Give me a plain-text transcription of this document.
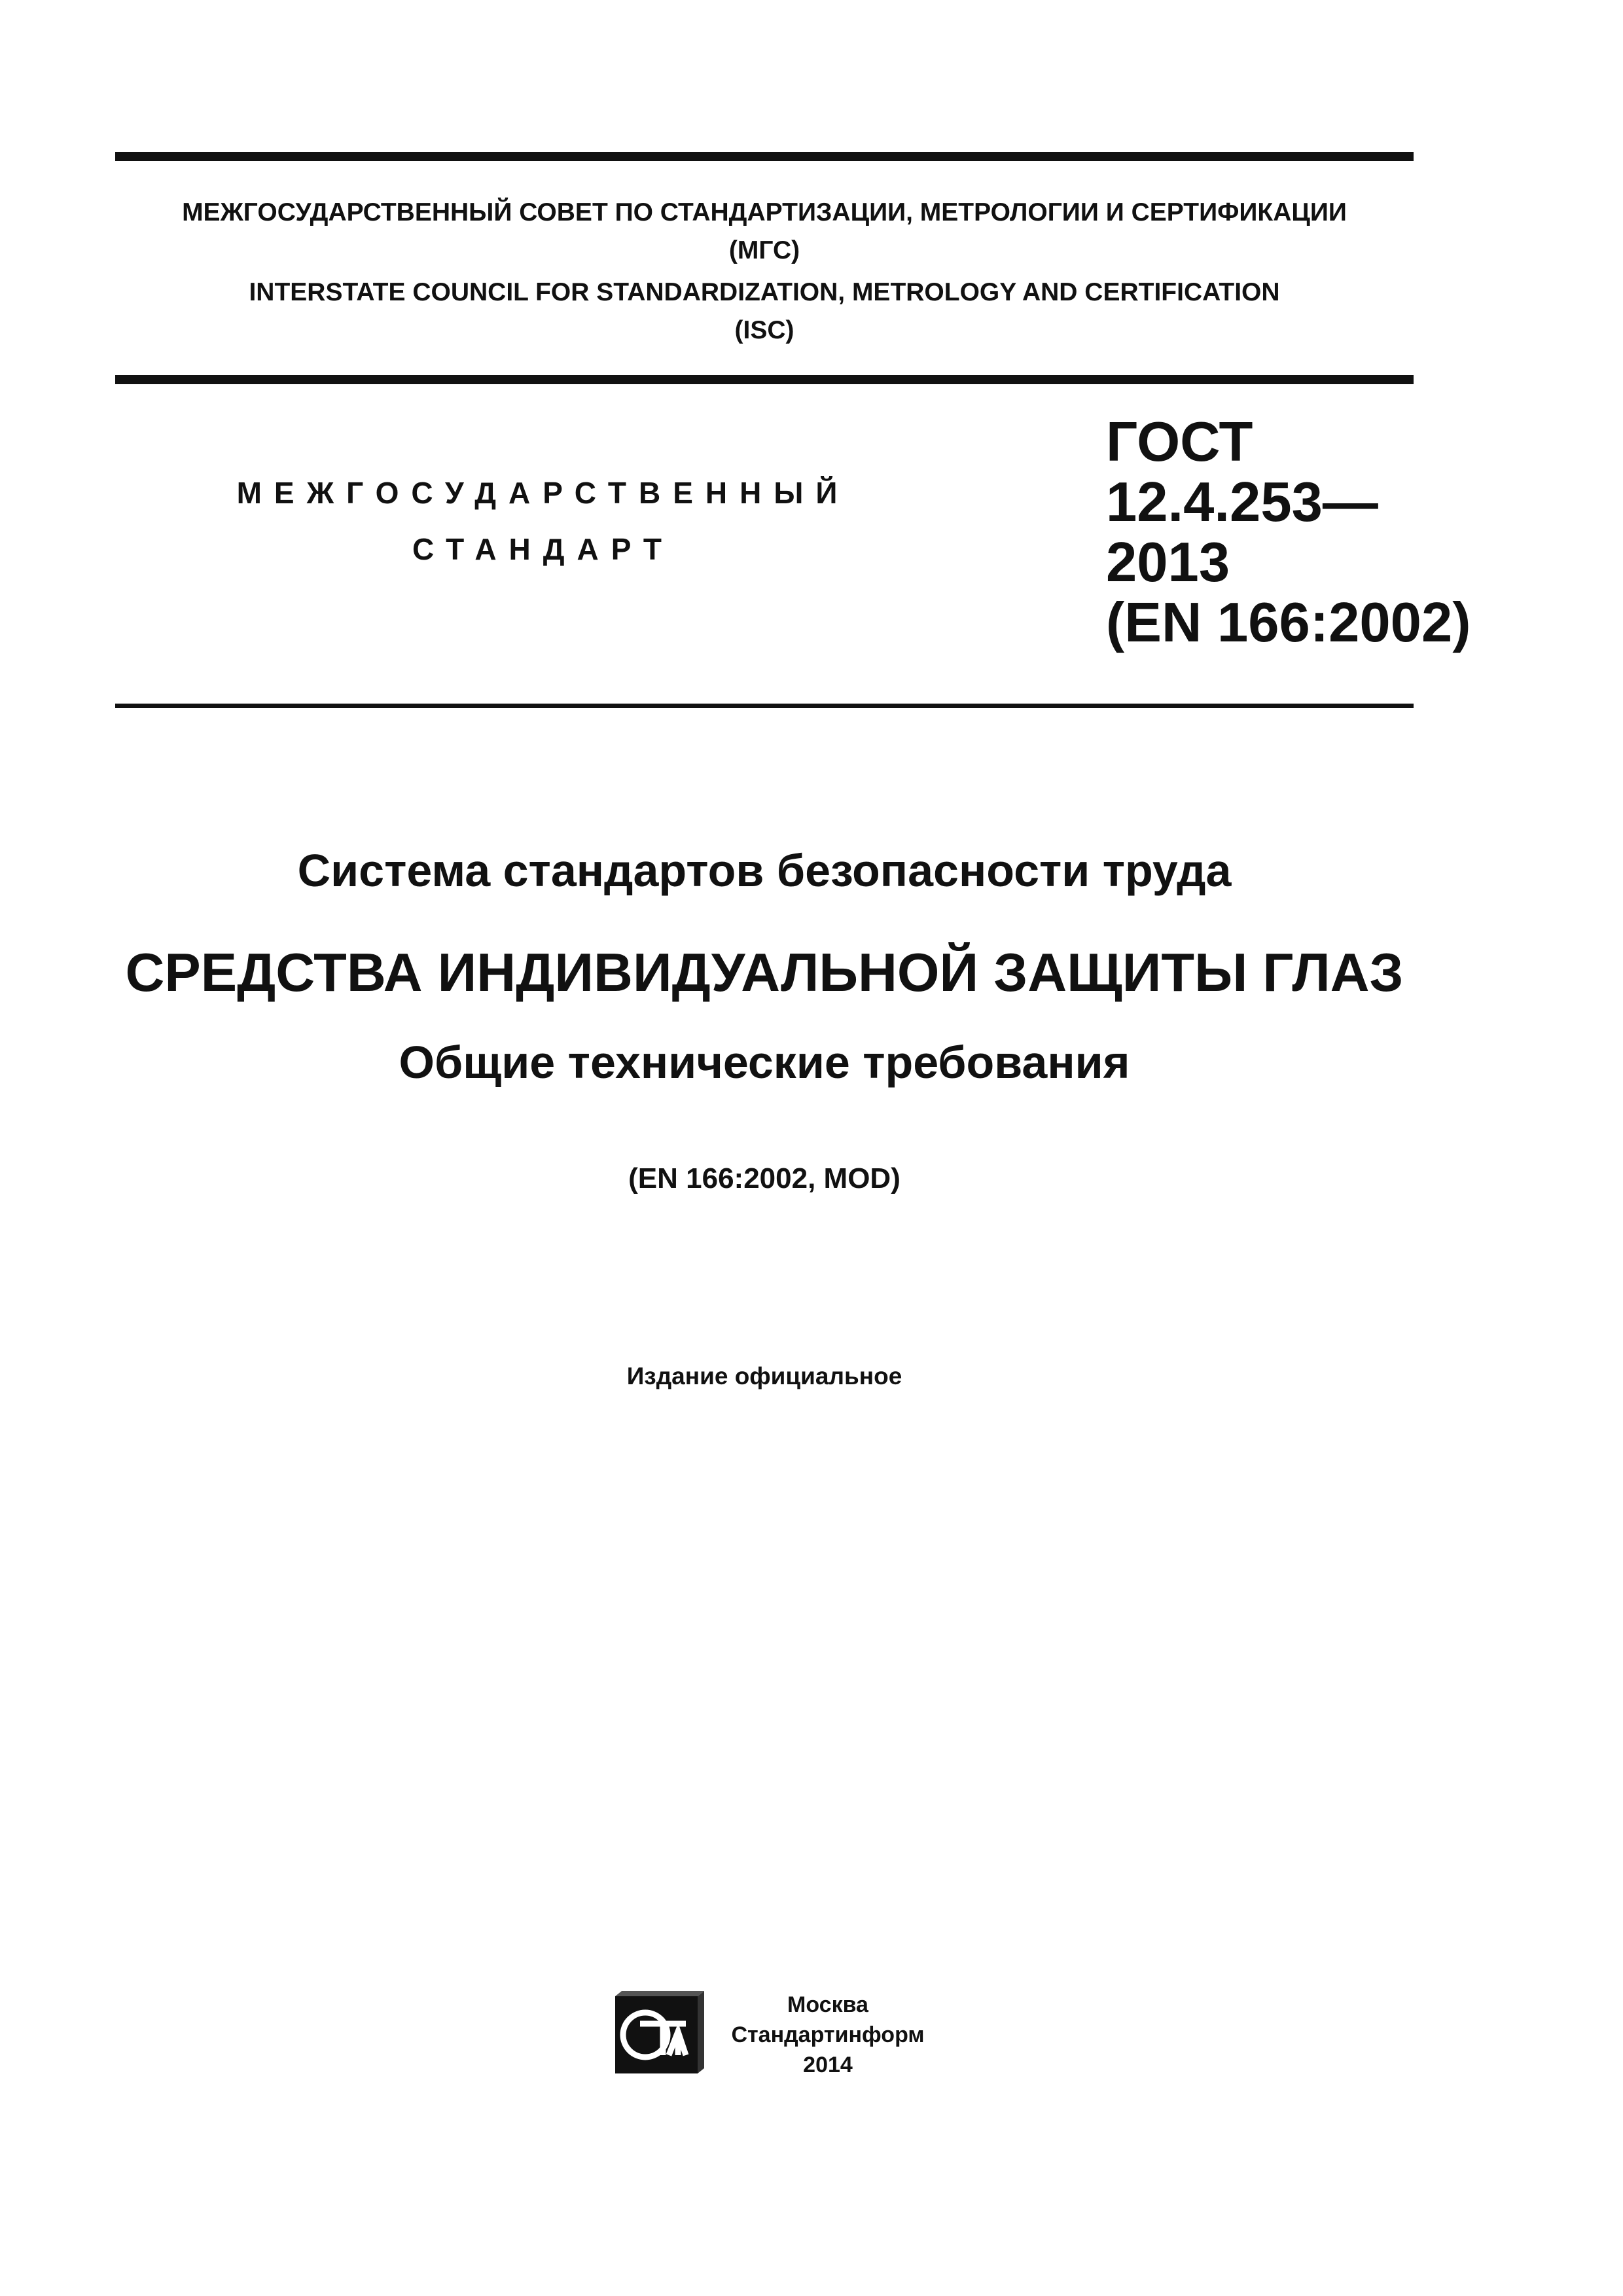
МЕЖГОСУДАРСТВЕННЫЙ СОВЕТ ПО СТАНДАРТИЗАЦИИ, МЕТРОЛОГИИ И СЕРТИФИКАЦИИ
(МГС)
INTERSTATE COUNCIL FOR STANDARDIZATION, METROLOGY AND CERTIFICATION
(ISC)
МЕЖГОСУДАРСТВЕННЫЙ
СТАНДАРТ
ГОСТ
12.4.253—
2013
(EN 166:2002)
Система стандартов безопасности труда
СРЕДСТВА ИНДИВИДУАЛЬНОЙ ЗАЩИТЫ ГЛАЗ
Общие технические требования
(EN 166:2002, MOD)
Издание официальное
Москва
Стандартинформ
2014
